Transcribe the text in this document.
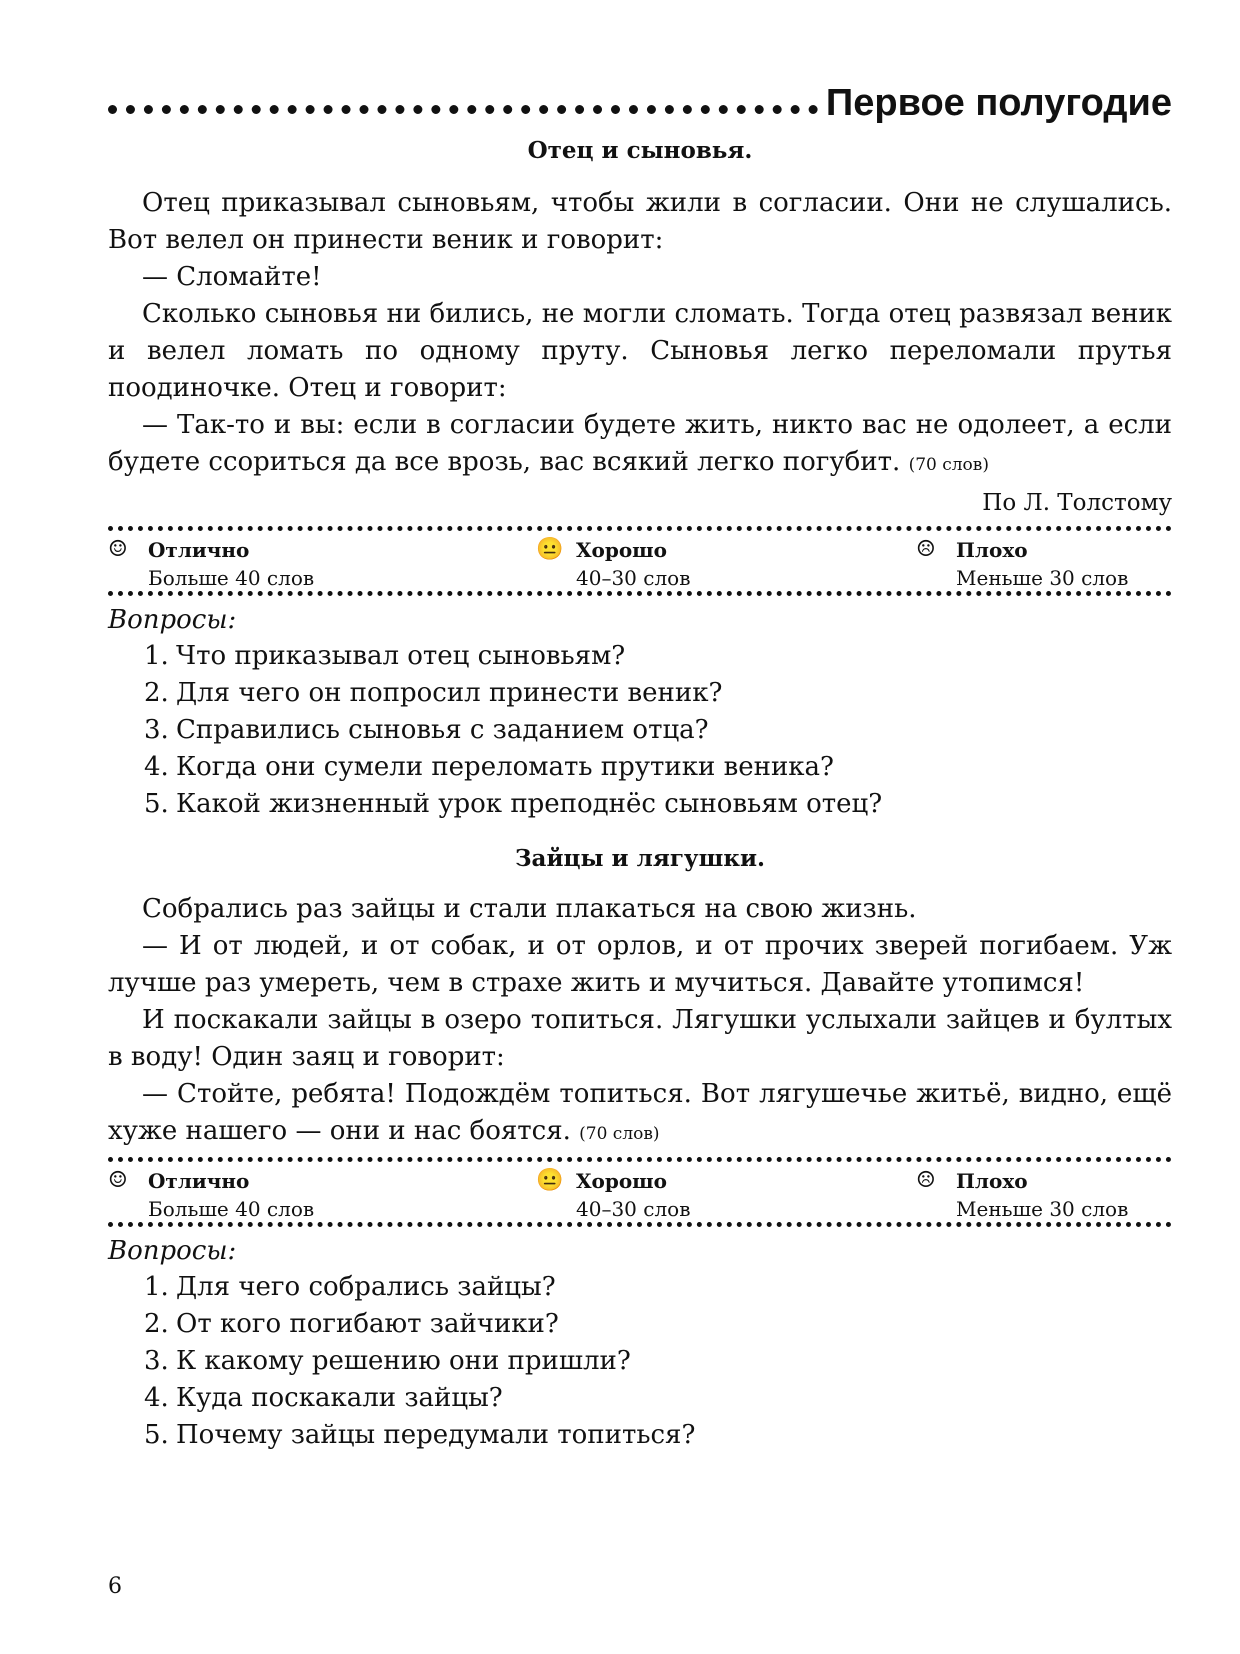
Первое полугодие
Отец и сыновья.

Отец приказывал сыновьям, чтобы жили в согласии. Они не слушались. Вот велел он принести веник и говорит:

— Сломайте!

Сколько сыновья ни бились, не могли сломать. Тогда отец развязал веник и велел ломать по одному пруту. Сыновья легко переломали прутья поодиночке. Отец и говорит:

— Так-то и вы: если в согласии будете жить, никто вас не одолеет, а если будете ссориться да все врозь, вас всякий легко погубит. (70 слов)

По Л. Толстому
☺	Отлично
Больше 40 слов
😐 Хорошо
40–30 слов
☹	Плохо
Меньше 30 слов
Вопросы:
1. Что приказывал отец сыновьям?
2. Для чего он попросил принести веник?
3. Справились сыновья с заданием отца?
4. Когда они сумели переломать прутики веника?
5. Какой жизненный урок преподнёс сыновьям отец?
Зайцы и лягушки.

Собрались раз зайцы и стали плакаться на свою жизнь.

— И от людей, и от собак, и от орлов, и от прочих зверей погибаем. Уж лучше раз умереть, чем в страхе жить и мучиться. Давайте утопимся!

И поскакали зайцы в озеро топиться. Лягушки услыхали зайцев и бултых в воду! Один заяц и говорит:

— Стойте, ребята! Подождём топиться. Вот лягушечье житьё, видно, ещё хуже нашего — они и нас боятся. (70 слов)

☺	Отлично
Больше 40 слов
😐 Хорошо
40–30 слов
☹	Плохо
Меньше 30 слов
Вопросы:
1. Для чего собрались зайцы?
2. От кого погибают зайчики?
3. К какому решению они пришли?
4. Куда поскакали зайцы?
5. Почему зайцы передумали топиться?
6
